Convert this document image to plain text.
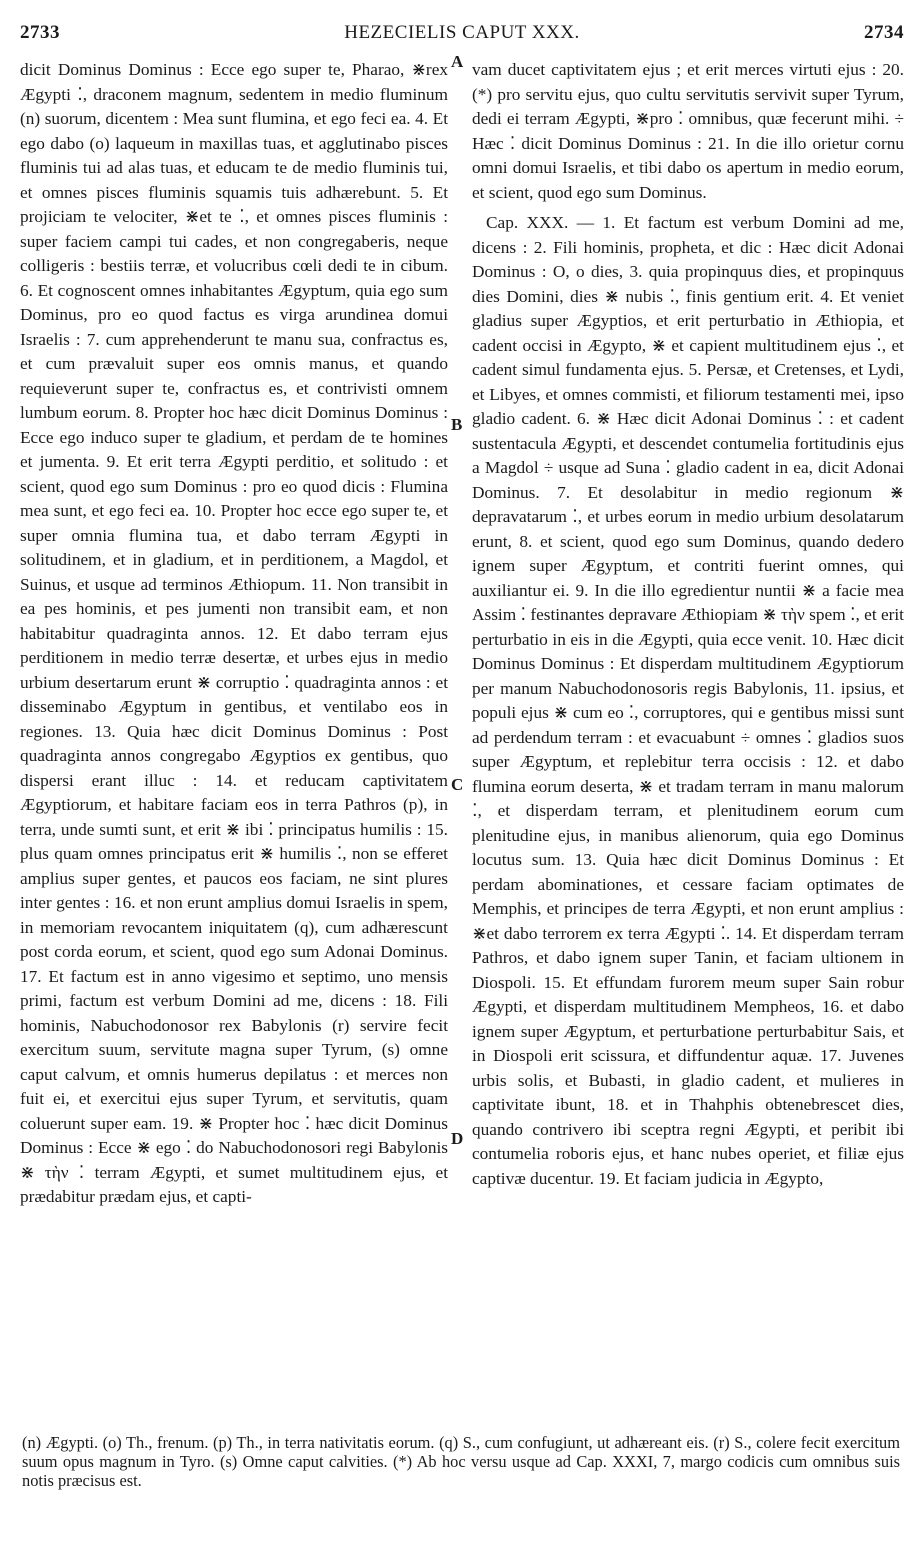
2733	HEZECIELIS CAPUT XXX.	2734

dicit Dominus Dominus : Ecce ego super te, Pharao, ⋇rex Ægypti ⁚, draconem magnum, sedentem in medio fluminum (n) suorum, dicentem : Mea sunt flumina, et ego feci ea. 4. Et ego dabo (o) laqueum in maxillas tuas, et agglutinabo pisces fluminis tui ad alas tuas, et educam te de medio fluminis tui, et omnes pisces fluminis squamis tuis adhærebunt. 5. Et projiciam te velociter, ⋇et te ⁚, et omnes pisces fluminis : super faciem campi tui cades, et non congregaberis, neque colligeris : bestiis terræ, et volucribus cœli dedi te in cibum. 6. Et cognoscent omnes inhabitantes Ægyptum, quia ego sum Dominus, pro eo quod factus es virga arundinea domui Israelis : 7. cum apprehenderunt te manu sua, confractus es, et cum prævaluit super eos omnis manus, et quando requieverunt super te, confractus es, et contrivisti omnem lumbum eorum. 8. Propter hoc hæc dicit Dominus Dominus : Ecce ego induco super te gladium, et perdam de te homines et jumenta. 9. Et erit terra Ægypti perditio, et solitudo : et scient, quod ego sum Dominus : pro eo quod dicis : Flumina mea sunt, et ego feci ea. 10. Propter hoc ecce ego super te, et super omnia flumina tua, et dabo terram Ægypti in solitudinem, et in gladium, et in perditionem, a Magdol, et Suinus, et usque ad terminos Æthiopum. 11. Non transibit in ea pes hominis, et pes jumenti non transibit eam, et non habitabitur quadraginta annos. 12. Et dabo terram ejus perditionem in medio terræ desertæ, et urbes ejus in medio urbium desertarum erunt ⋇ corruptio ⁚ quadraginta annos : et disseminabo Ægyptum in gentibus, et ventilabo eos in regiones. 13. Quia hæc dicit Dominus Dominus : Post quadraginta annos congregabo Ægyptios ex gentibus, quo dispersi erant illuc : 14. et reducam captivitatem Ægyptiorum, et habitare faciam eos in terra Pathros (p), in terra, unde sumti sunt, et erit ⋇ ibi ⁚ principatus humilis : 15. plus quam omnes principatus erit ⋇ humilis ⁚, non se efferet amplius super gentes, et paucos eos faciam, ne sint plures inter gentes : 16. et non erunt amplius domui Israelis in spem, in memoriam revocantem iniquitatem (q), cum adhærescunt post corda eorum, et scient, quod ego sum Adonai Dominus. 17. Et factum est in anno vigesimo et septimo, uno mensis primi, factum est verbum Domini ad me, dicens : 18. Fili hominis, Nabuchodonosor rex Babylonis (r) servire fecit exercitum suum, servitute magna super Tyrum, (s) omne caput calvum, et omnis humerus depilatus : et merces non fuit ei, et exercitui ejus super Tyrum, et servitutis, quam coluerunt super eam. 19. ⋇ Propter hoc ⁚ hæc dicit Dominus Dominus : Ecce ⋇ ego ⁚ do Nabuchodonosori regi Babylonis ⋇ τὴν ⁚ terram Ægypti, et sumet multitudinem ejus, et prædabitur prædam ejus, et capti-

vam ducet captivitatem ejus ; et erit merces virtuti ejus : 20. (*) pro servitu ejus, quo cultu servitutis servivit super Tyrum, dedi ei terram Ægypti, ⋇pro ⁚ omnibus, quæ fecerunt mihi. ÷ Hæc ⁚ dicit Dominus Dominus : 21. In die illo orietur cornu omni domui Israelis, et tibi dabo os apertum in medio eorum, et scient, quod ego sum Dominus.

Cap. XXX. — 1. Et factum est verbum Domini ad me, dicens : 2. Fili hominis, propheta, et dic : Hæc dicit Adonai Dominus : O, o dies, 3. quia propinquus dies, et propinquus dies Domini, dies ⋇ nubis ⁚, finis gentium erit. 4. Et veniet gladius super Ægyptios, et erit perturbatio in Æthiopia, et cadent occisi in Ægypto, ⋇ et capient multitudinem ejus ⁚, et cadent simul fundamenta ejus. 5. Persæ, et Cretenses, et Lydi, et Libyes, et omnes commisti, et filiorum testamenti mei, ipso gladio cadent. 6. ⋇ Hæc dicit Adonai Dominus ⁚ : et cadent sustentacula Ægypti, et descendet contumelia fortitudinis ejus a Magdol ÷ usque ad Suna ⁚ gladio cadent in ea, dicit Adonai Dominus. 7. Et desolabitur in medio regionum ⋇ depravatarum ⁚, et urbes eorum in medio urbium desolatarum erunt, 8. et scient, quod ego sum Dominus, quando dedero ignem super Ægyptum, et contriti fuerint omnes, qui auxiliantur ei. 9. In die illo egredientur nuntii ⋇ a facie mea Assim ⁚ festinantes depravare Æthiopiam ⋇ τὴν spem ⁚, et erit perturbatio in eis in die Ægypti, quia ecce venit. 10. Hæc dicit Dominus Dominus : Et disperdam multitudinem Ægyptiorum per manum Nabuchodonosoris regis Babylonis, 11. ipsius, et populi ejus ⋇ cum eo ⁚, corruptores, qui e gentibus missi sunt ad perdendum terram : et evacuabunt ÷ omnes ⁚ gladios suos super Ægyptum, et replebitur terra occisis : 12. et dabo flumina eorum deserta, ⋇ et tradam terram in manu malorum ⁚, et disperdam terram, et plenitudinem eorum cum plenitudine ejus, in manibus alienorum, quia ego Dominus locutus sum. 13. Quia hæc dicit Dominus Dominus : Et perdam abominationes, et cessare faciam optimates de Memphis, et principes de terra Ægypti, et non erunt amplius : ⋇et dabo terrorem ex terra Ægypti ⁚. 14. Et disperdam terram Pathros, et dabo ignem super Tanin, et faciam ultionem in Diospoli. 15. Et effundam furorem meum super Sain robur Ægypti, et disperdam multitudinem Mempheos, 16. et dabo ignem super Ægyptum, et perturbatione perturbabitur Sais, et in Diospoli erit scissura, et diffundentur aquæ. 17. Juvenes urbis solis, et Bubasti, in gladio cadent, et mulieres in captivitate ibunt, 18. et in Thahphis obtenebrescet dies, quando contrivero ibi sceptra regni Ægypti, et peribit ibi contumelia roboris ejus, et hanc nubes operiet, et filiæ ejus captivæ ducentur. 19. Et faciam judicia in Ægypto,

A
B
C
D
(n) Ægypti. (o) Th., frenum. (p) Th., in terra nativitatis eorum. (q) S., cum confugiunt, ut adhæreant eis. (r) S., colere fecit exercitum suum opus magnum in Tyro. (s) Omne caput calvities. (*) Ab hoc versu usque ad Cap. XXXI, 7, margo codicis cum omnibus suis notis præcisus est.
